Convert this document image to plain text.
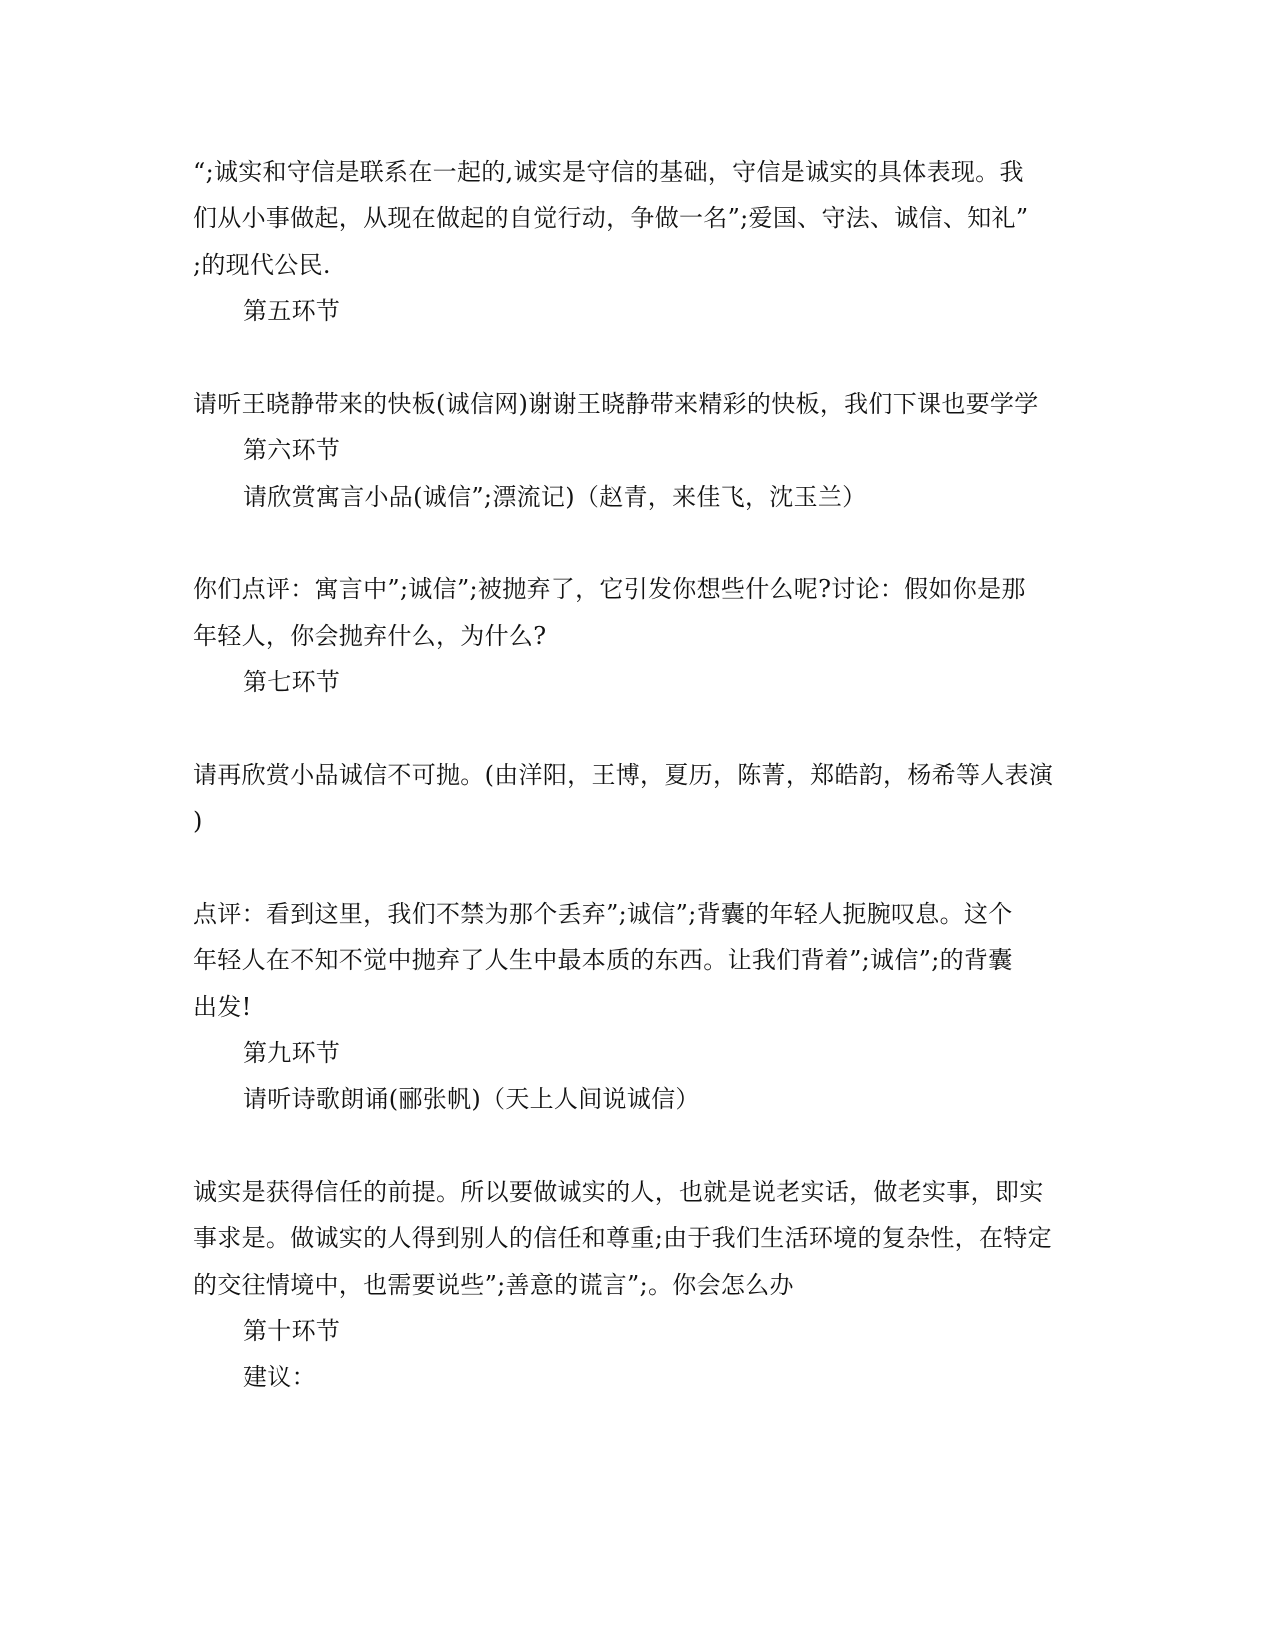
“;诚实和守信是联系在一起的,诚实是守信的基础，守信是诚实的具体表现。我
们从小事做起，从现在做起的自觉行动，争做一名”;爱国、守法、诚信、知礼”
;的现代公民.
第五环节
请听王晓静带来的快板(诚信网)谢谢王晓静带来精彩的快板，我们下课也要学学
第六环节
请欣赏寓言小品(诚信”;漂流记)（赵青，来佳飞，沈玉兰）
你们点评：寓言中”;诚信”;被抛弃了，它引发你想些什么呢?讨论：假如你是那
年轻人，你会抛弃什么，为什么?
第七环节
请再欣赏小品诚信不可抛。(由洋阳，王博，夏历，陈菁，郑皓韵，杨希等人表演
)
点评：看到这里，我们不禁为那个丢弃”;诚信”;背囊的年轻人扼腕叹息。这个
年轻人在不知不觉中抛弃了人生中最本质的东西。让我们背着”;诚信”;的背囊
出发!
第九环节
请听诗歌朗诵(郦张帆)（天上人间说诚信）
诚实是获得信任的前提。所以要做诚实的人，也就是说老实话，做老实事，即实
事求是。做诚实的人得到别人的信任和尊重;由于我们生活环境的复杂性，在特定
的交往情境中，也需要说些”;善意的谎言”;。你会怎么办
第十环节
建议：
